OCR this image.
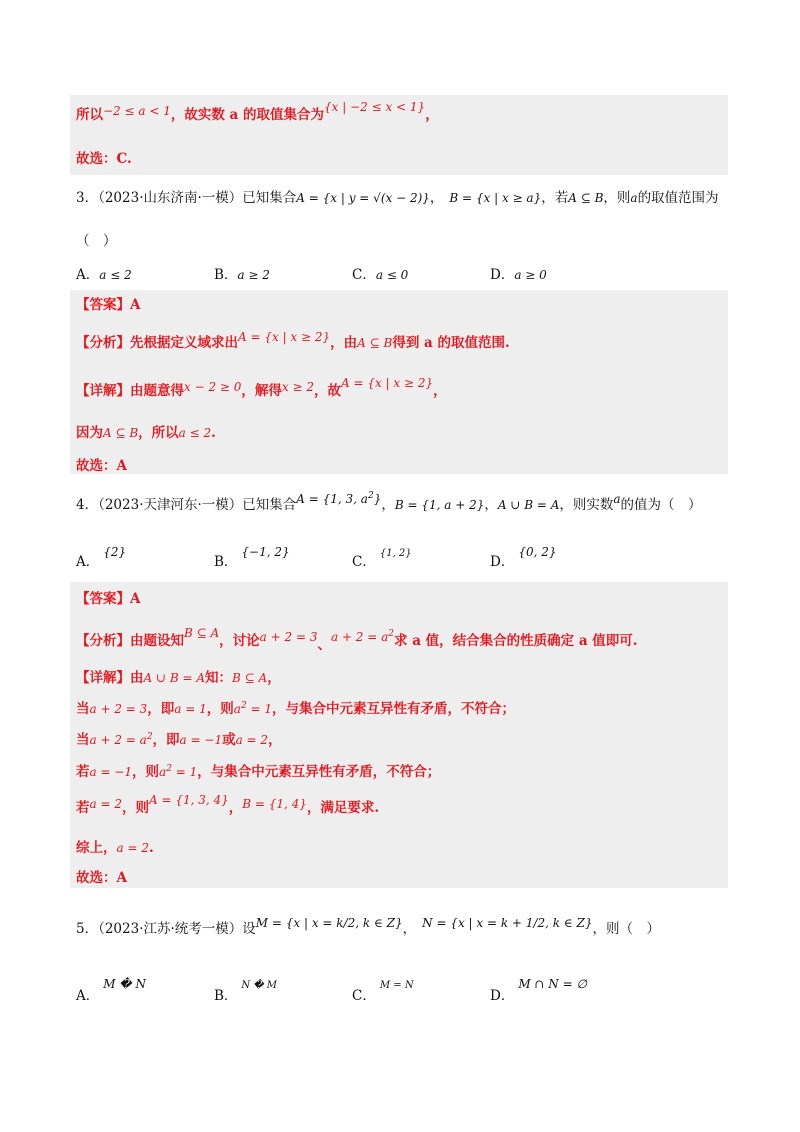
所以−2 ≤ a < 1，故实数 a 的取值集合为{x | −2 ≤ x < 1}，
故选：C.
3．（2023·山东济南·一模）已知集合A = {x | y = √(x − 2)}， B = {x | x ≥ a}，若A ⊆ B，则a的取值范围为
（　）
A．a ≤ 2	B．a ≥ 2	C．a ≤ 0	D．a ≥ 0
【答案】A
【分析】先根据定义域求出A = {x | x ≥ 2}，由A ⊆ B得到 a 的取值范围.
【详解】由题意得x − 2 ≥ 0，解得x ≥ 2，故A = {x | x ≥ 2}，
因为A ⊆ B，所以a ≤ 2.
故选：A
4．（2023·天津河东·一模）已知集合A = {1, 3, $a^2$}，B = {1, a + 2}，A ∪ B = A，则实数a的值为（　）
A．{2}
B．{−1, 2}
C．{1, 2}
D．{0, 2}
【答案】A
【分析】由题设知B ⊆ A，讨论a + 2 = 3、$a + 2 = a^2$求 a 值，结合集合的性质确定 a 值即可.
【详解】由A ∪ B = A知：B ⊆ A，
当a + 2 = 3，即a = 1，则$a^2 = 1$，与集合中元素互异性有矛盾，不符合；
当$a + 2 = a^2$，即a = −1或a = 2，
若a = −1，则$a^2 = 1$，与集合中元素互异性有矛盾，不符合；
若a = 2，则A = {1, 3, 4}，B = {1, 4}，满足要求.
综上，a = 2.
故选：A
5．（2023·江苏·统考一模）设M = {x | x = k/2, k ∈ Z}， N = {x | x = k + 1/2, k ∈ Z}，则（　）
A．M � N
B．N � M
C．M = N
D．M ∩ N = ∅
